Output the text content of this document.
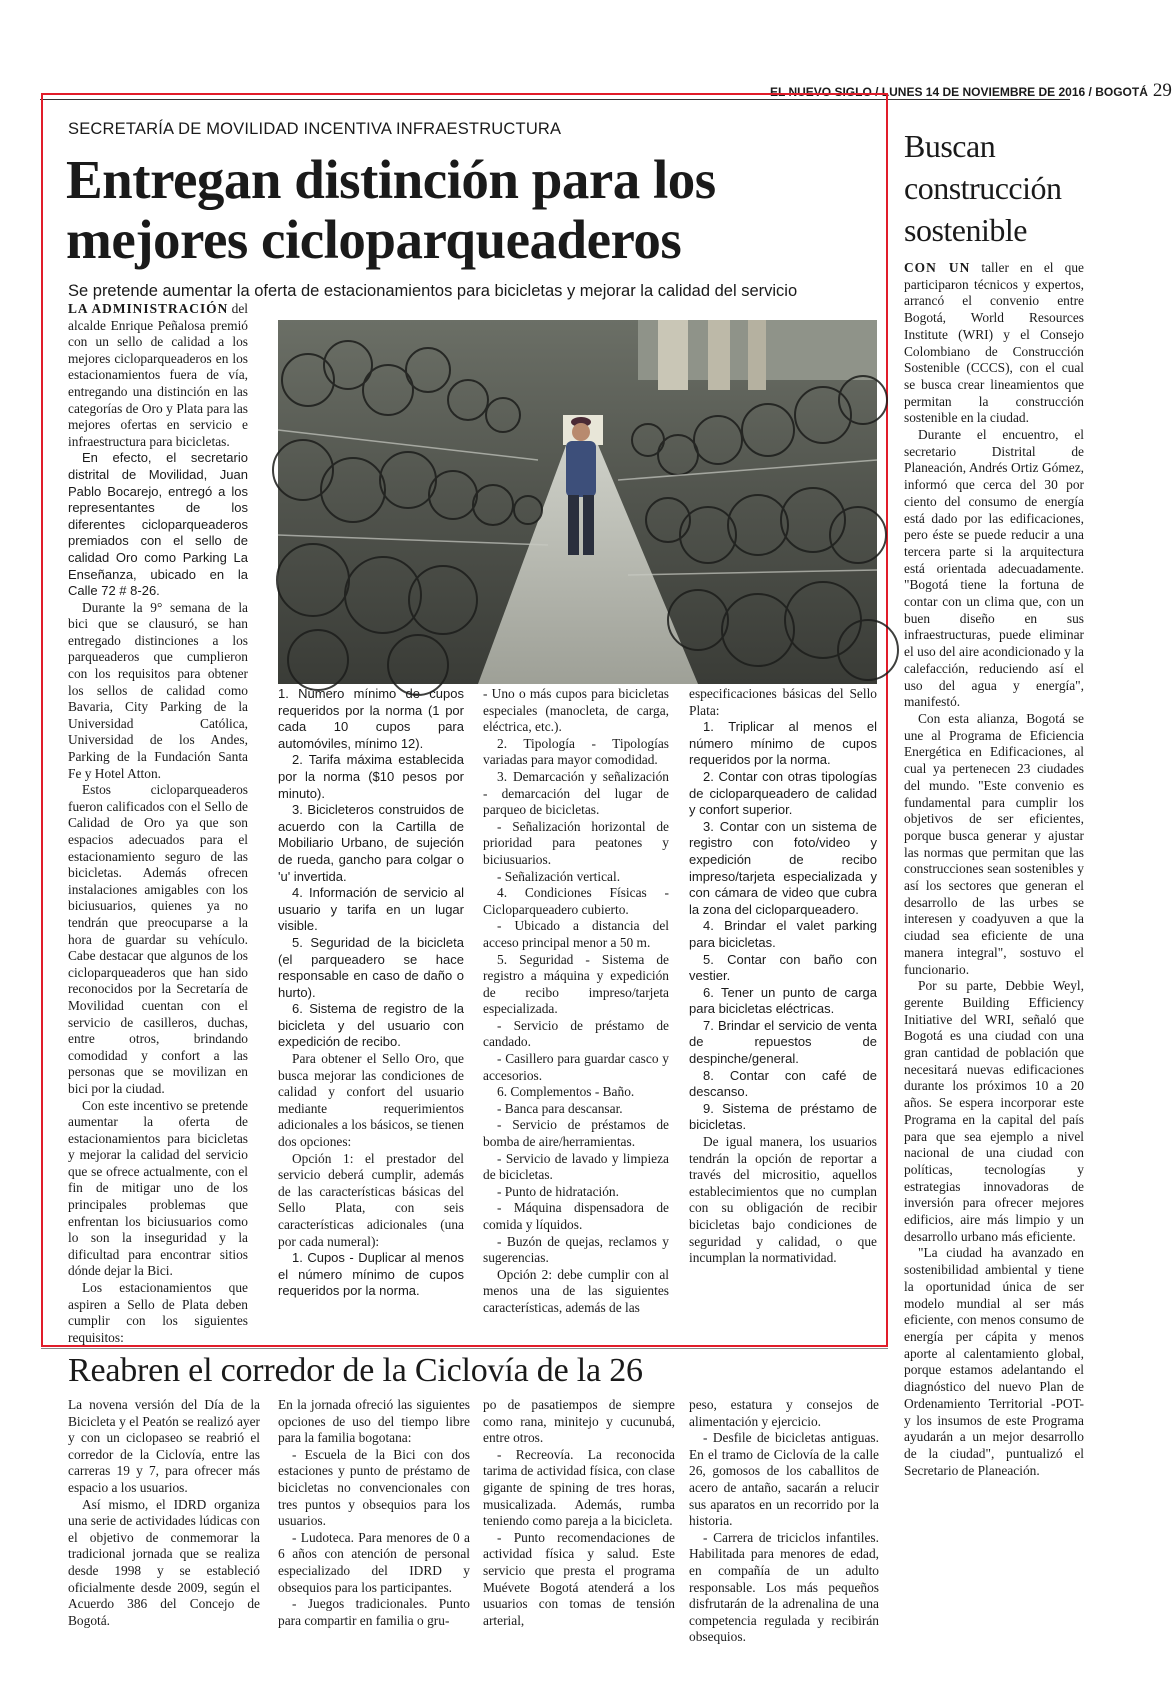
EL NUEVO SIGLO / LUNES 14 DE NOVIEMBRE DE 2016 / BOGOTÁ 29
SECRETARÍA DE MOVILIDAD INCENTIVA INFRAESTRUCTURA
Entregan distinción para los
mejores cicloparqueaderos
Se pretende aumentar la oferta de estacionamientos para bicicletas y mejorar la calidad del servicio

LA ADMINISTRACIÓN del alcalde Enrique Peñalosa premió con un sello de calidad a los mejores cicloparqueaderos en los estacionamientos fuera de vía, entregando una distinción en las categorías de Oro y Plata para las mejores ofertas en servicio e infraestructura para bicicletas.

En efecto, el secretario distrital de Movilidad, Juan Pablo Bocarejo, entregó a los representantes de los diferentes cicloparqueaderos premiados con el sello de calidad Oro como Parking La Enseñanza, ubicado en la Calle 72 # 8-26.

Durante la 9° semana de la bici que se clausuró, se han entregado distinciones a los parqueaderos que cumplieron con los requisitos para obtener los sellos de calidad como Bavaria, City Parking de la Universidad Católica, Universidad de los Andes, Parking de la Fundación Santa Fe y Hotel Atton.

Estos cicloparqueaderos fueron calificados con el Sello de Calidad de Oro ya que son espacios adecuados para el estacionamiento seguro de las bicicletas. Además ofrecen instalaciones amigables con los biciusuarios, quienes ya no tendrán que preocuparse a la hora de guardar su vehículo. Cabe destacar que algunos de los cicloparqueaderos que han sido reconocidos por la Secretaría de Movilidad cuentan con el servicio de casilleros, duchas, entre otros, brindando comodidad y confort a las personas que se movilizan en bici por la ciudad.

Con este incentivo se pretende aumentar la oferta de estacionamientos para bicicletas y mejorar la calidad del servicio que se ofrece actualmente, con el fin de mitigar uno de los principales problemas que enfrentan los biciusuarios como lo son la inseguridad y la dificultad para encontrar sitios dónde dejar la Bici.

Los estacionamientos que aspiren a Sello de Plata deben cumplir con los siguientes requisitos:

1. Número mínimo de cupos requeridos por la norma (1 por cada 10 cupos para automóviles, mínimo 12).

2. Tarifa máxima establecida por la norma ($10 pesos por minuto).

3. Bicicleteros construidos de acuerdo con la Cartilla de Mobiliario Urbano, de sujeción de rueda, gancho para colgar o 'u' invertida.

4. Información de servicio al usuario y tarifa en un lugar visible.

5. Seguridad de la bicicleta (el parqueadero se hace responsable en caso de daño o hurto).

6. Sistema de registro de la bicicleta y del usuario con expedición de recibo.

Para obtener el Sello Oro, que busca mejorar las condiciones de calidad y confort del usuario mediante requerimientos adicionales a los básicos, se tienen dos opciones:

Opción 1: el prestador del servicio deberá cumplir, además de las características básicas del Sello Plata, con seis características adicionales (una por cada numeral):

1. Cupos - Duplicar al menos el número mínimo de cupos requeridos por la norma.

- Uno o más cupos para bicicletas especiales (manocleta, de carga, eléctrica, etc.).

2. Tipología - Tipologías variadas para mayor comodidad.

3. Demarcación y señalización - demarcación del lugar de parqueo de bicicletas.

- Señalización horizontal de prioridad para peatones y biciusuarios.

- Señalización vertical.

4. Condiciones Físicas - Cicloparqueadero cubierto.

- Ubicado a distancia del acceso principal menor a 50 m.

5. Seguridad - Sistema de registro a máquina y expedición de recibo impreso/tarjeta especializada.

- Servicio de préstamo de candado.

- Casillero para guardar casco y accesorios.

6. Complementos - Baño.

- Banca para descansar.

- Servicio de préstamos de bomba de aire/herramientas.

- Servicio de lavado y limpieza de bicicletas.

- Punto de hidratación.

- Máquina dispensadora de comida y líquidos.

- Buzón de quejas, reclamos y sugerencias.

Opción 2: debe cumplir con al menos una de las siguientes características, además de las

especificaciones básicas del Sello Plata:

1. Triplicar al menos el número mínimo de cupos requeridos por la norma.

2. Contar con otras tipologías de cicloparqueadero de calidad y confort superior.

3. Contar con un sistema de registro con foto/video y expedición de recibo impreso/tarjeta especializada y con cámara de video que cubra la zona del cicloparqueadero.

4. Brindar el valet parking para bicicletas.

5. Contar con baño con vestier.

6. Tener un punto de carga para bicicletas eléctricas.

7. Brindar el servicio de venta de repuestos de despinche/general.

8. Contar con café de descanso.

9. Sistema de préstamo de bicicletas.

De igual manera, los usuarios tendrán la opción de reportar a través del micrositio, aquellos establecimientos que no cumplan con su obligación de recibir bicicletas bajo condiciones de seguridad y calidad, o que incumplan la normatividad.

Buscan
construcción
sostenible

CON UN taller en el que participaron técnicos y expertos, arrancó el convenio entre Bogotá, World Resources Institute (WRI) y el Consejo Colombiano de Construcción Sostenible (CCCS), con el cual se busca crear lineamientos que permitan la construcción sostenible en la ciudad.

Durante el encuentro, el secretario Distrital de Planeación, Andrés Ortiz Gómez, informó que cerca del 30 por ciento del consumo de energía está dado por las edificaciones, pero éste se puede reducir a una tercera parte si la arquitectura está orientada adecuadamente. "Bogotá tiene la fortuna de contar con un clima que, con un buen diseño en sus infraestructuras, puede eliminar el uso del aire acondicionado y la calefacción, reduciendo así el uso del agua y energía", manifestó.

Con esta alianza, Bogotá se une al Programa de Eficiencia Energética en Edificaciones, al cual ya pertenecen 23 ciudades del mundo. "Este convenio es fundamental para cumplir los objetivos de ser eficientes, porque busca generar y ajustar las normas que permitan que las construcciones sean sostenibles y así los sectores que generan el desarrollo de las urbes se interesen y coadyuven a que la ciudad sea eficiente de una manera integral", sostuvo el funcionario.

Por su parte, Debbie Weyl, gerente Building Efficiency Initiative del WRI, señaló que Bogotá es una ciudad con una gran cantidad de población que necesitará nuevas edificaciones durante los próximos 10 a 20 años. Se espera incorporar este Programa en la capital del país para que sea ejemplo a nivel nacional de una ciudad con políticas, tecnologías y estrategias innovadoras de inversión para ofrecer mejores edificios, aire más limpio y un desarrollo urbano más eficiente.

"La ciudad ha avanzado en sostenibilidad ambiental y tiene la oportunidad única de ser modelo mundial al ser más eficiente, con menos consumo de energía per cápita y menos aporte al calentamiento global, porque estamos adelantando el diagnóstico del nuevo Plan de Ordenamiento Territorial -POT- y los insumos de este Programa ayudarán a un mejor desarrollo de la ciudad", puntualizó el Secretario de Planeación.

Reabren el corredor de la Ciclovía de la 26

La novena versión del Día de la Bicicleta y el Peatón se realizó ayer y con un ciclopaseo se reabrió el corredor de la Ciclovía, entre las carreras 19 y 7, para ofrecer más espacio a los usuarios.

Así mismo, el IDRD organiza una serie de actividades lúdicas con el objetivo de conmemorar la tradicional jornada que se realiza desde 1998 y se estableció oficialmente desde 2009, según el Acuerdo 386 del Concejo de Bogotá.

En la jornada ofreció las siguientes opciones de uso del tiempo libre para la familia bogotana:

- Escuela de la Bici con dos estaciones y punto de préstamo de bicicletas no convencionales con tres puntos y obsequios para los usuarios.

- Ludoteca. Para menores de 0 a 6 años con atención de personal especializado del IDRD y obsequios para los participantes.

- Juegos tradicionales. Punto para compartir en familia o gru-

po de pasatiempos de siempre como rana, minitejo y cucunubá, entre otros.

- Recreovía. La reconocida tarima de actividad física, con clase gigante de spining de tres horas, musicalizada. Además, rumba teniendo como pareja a la bicicleta.

- Punto recomendaciones de actividad física y salud. Este servicio que presta el programa Muévete Bogotá atenderá a los usuarios con tomas de tensión arterial,

peso, estatura y consejos de alimentación y ejercicio.

- Desfile de bicicletas antiguas. En el tramo de Ciclovía de la calle 26, gomosos de los caballitos de acero de antaño, sacarán a relucir sus aparatos en un recorrido por la historia.

- Carrera de triciclos infantiles. Habilitada para menores de edad, en compañía de un adulto responsable. Los más pequeños disfrutarán de la adrenalina de una competencia regulada y recibirán obsequios.
